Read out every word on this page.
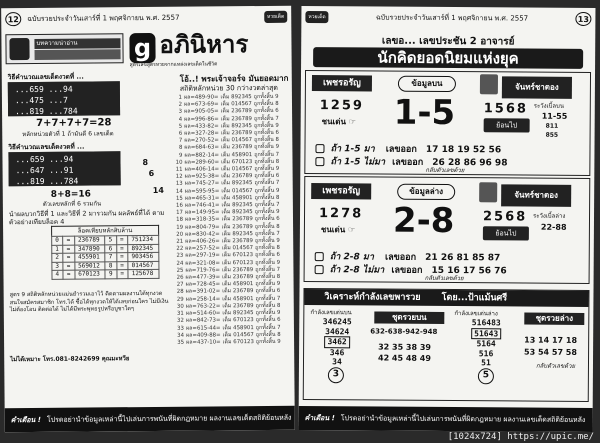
12	ฉบับรวยประจำวันเสาร์ที่ 1 พฤศจิกายน พ.ศ. 2557	หวยเด็ด
บทความน่าอ่าน	g อภินิหาร
สูตรเลขสูตรหวยจากแหล่งเลขเด็ดในชีวิต
โอ้..! พระเจ้าจอร์จ มันยอดมาก
สถิติหลักหน่วย 30 กว่างวดล่าสุด
วิธีคำนวณเลขเด็ดงวดที่ ...
...659 ...94
...475 ...7
...819 ...784
7+7+7+7=28
หลักหน่วยตัวที่ 1 ถ้ามันดี 6 เลขเด็ด
วิธีคำนวณเลขเด็ดงวดที่ ...
...659 ...94
...647 ...91
...819 ...784
8
6
14
8+8=16
ตัวเลขหลักที่ 6 รวมกัน
นำผลบวกวิธีที่ 1 และวิธีที่ 2 มารวมกัน ผลลัพธ์ที่ได้ ตามตัวอย่างเทียบล็อค 4
ล็อคเทียบหลักสิบล้าน
0	=	236789	5	=	751234
1	=	347890	6	=	892345
2	=	455901	7	=	903456
3	=	569012	8	=	014567
4	=	670123	9	=	125678
สูตร 9 สถิติหลักหน่วยแม่นยำรวมเอาไว้ ติดตามผลงานได้ทุกงวด สนใจสมัครสมาชิก โทร.ได้ ซื้อได้ทุกงวดให้ได้เลขก่อนใคร ไม่มีเงินไม่ต้องโอน ติดต่อได้ ไม่ได้มีพระพุทธรูปหรือบูชาใดๆ
ไม่ได้เหมาะ โทร.081-8242699 คุณมะหวีย
1 ผล=489-90= เต็ม 892345 ถูกทั้งสิ้น 9
2 ผล=673-69= เต็ม 014567 ถูกทั้งสิ้น 8
3 ผล=905-05= เต็ม 236789 ถูกทั้งสิ้น 6
4 ผล=996-86= เต็ม 236789 ถูกทั้งสิ้น 7
5 ผล=433-82= เต็ม 892345 ถูกทั้งสิ้น 9
6 ผล=327-28= เต็ม 236789 ถูกทั้งสิ้น 6
7 ผล=270-52= เต็ม 014567 ถูกทั้งสิ้น 8
8 ผล=684-63= เต็ม 236789 ถูกทั้งสิ้น 9
9 ผล=882-14= เต็ม 458901 ถูกทั้งสิ้น 7
10 ผล=289-60= เต็ม 670123 ถูกทั้งสิ้น 8
11 ผล=406-14= เต็ม 014567 ถูกทั้งสิ้น 9
12 ผล=925-38= เต็ม 236789 ถูกทั้งสิ้น 6
13 ผล=745-27= เต็ม 892345 ถูกทั้งสิ้น 7
14 ผล=595-95= เต็ม 014567 ถูกทั้งสิ้น 9
15 ผล=465-31= เต็ม 458901 ถูกทั้งสิ้น 8
16 ผล=746-41= เต็ม 892345 ถูกทั้งสิ้น 7
17 ผล=149-95= เต็ม 892345 ถูกทั้งสิ้น 9
18 ผล=318-35= เต็ม 236789 ถูกทั้งสิ้น 6
19 ผล=804-79= เต็ม 236789 ถูกทั้งสิ้น 8
20 ผล=830-42= เต็ม 892345 ถูกทั้งสิ้น 7
21 ผล=406-26= เต็ม 236789 ถูกทั้งสิ้น 9
22 ผล=257-52= เต็ม 014567 ถูกทั้งสิ้น 8
23 ผล=297-19= เต็ม 670123 ถูกทั้งสิ้น 6
24 ผล=321-08= เต็ม 670123 ถูกทั้งสิ้น 9
25 ผล=719-76= เต็ม 236789 ถูกทั้งสิ้น 7
26 ผล=477-39= เต็ม 236789 ถูกทั้งสิ้น 8
27 ผล=728-45= เต็ม 458901 ถูกทั้งสิ้น 9
28 ผล=391-02= เต็ม 236789 ถูกทั้งสิ้น 6
29 ผล=258-14= เต็ม 458901 ถูกทั้งสิ้น 7
30 ผล=763-22= เต็ม 236789 ถูกทั้งสิ้น 8
31 ผล=514-60= เต็ม 892345 ถูกทั้งสิ้น 9
32 ผล=842-73= เต็ม 670123 ถูกทั้งสิ้น 6
33 ผล=615-44= เต็ม 458901 ถูกทั้งสิ้น 7
34 ผล=409-88= เต็ม 014567 ถูกทั้งสิ้น 8
35 ผล=437-10= เต็ม 670123 ถูกทั้งสิ้น 9
คำเตือน ! โปรดอย่านำข้อมูลเหล่านี้ไปเล่นการพนันที่ผิดกฎหมาย ผลงานเลขเด็ดสถิติย้อนหลัง
หวยเด็ด	ฉบับรวยประจำวันเสาร์ที่ 1 พฤศจิกายน พ.ศ. 2557	13
เลขอ... เลขประชัน 2 อาจารย์
นักคิดยอดนิยมแห่งยุค
เพชรอรัญ	ข้อมูลบน	จันทร์ชาตอง
1259
ชนเด่น ☞ 1-5 1568
ย้อนไป
ระวังเบิ้ลบน
11-55
811
855
ถ้า 1-5 มา เลขออก 17 18 19 52 56
ถ้า 1-5 ไม่มา เลขออก 26 28 86 96 98
กลับตัวเลขด้วย
เพชรอรัญ	ข้อมูลล่าง	จันทร์ชาตอง
1278
ชนเด่น ☞ 2-8 2568
ย้อนไป
ระวังเบิ้ลล่าง
22-88
ถ้า 2-8 มา เลขออก 21 26 81 85 87
ถ้า 2-8 ไม่มา เลขออก 15 16 17 56 76
กลับตัวเลขด้วย
วิเคราะห์กำลังเลขพารวย โดย...ป้าแม้นศรี
กำลังเลขเด่นบน
346245
34624
3462
346
34
3
ชุดรวยบน
632-638-942-948
32 35 38 39
42 45 48 49
กำลังเลขเด่นล่าง
516483
51643
5164
516
51
5
ชุดรวยล่าง
13 14 17 18
53 54 57 58
กลับตัวเลขด้วย
คำเตือน ! โปรดอย่านำข้อมูลเหล่านี้ไปเล่นการพนันที่ผิดกฎหมาย ผลงานเลขเด็ดสถิติย้อนหลัง
[1024x724] https://upic.me/
